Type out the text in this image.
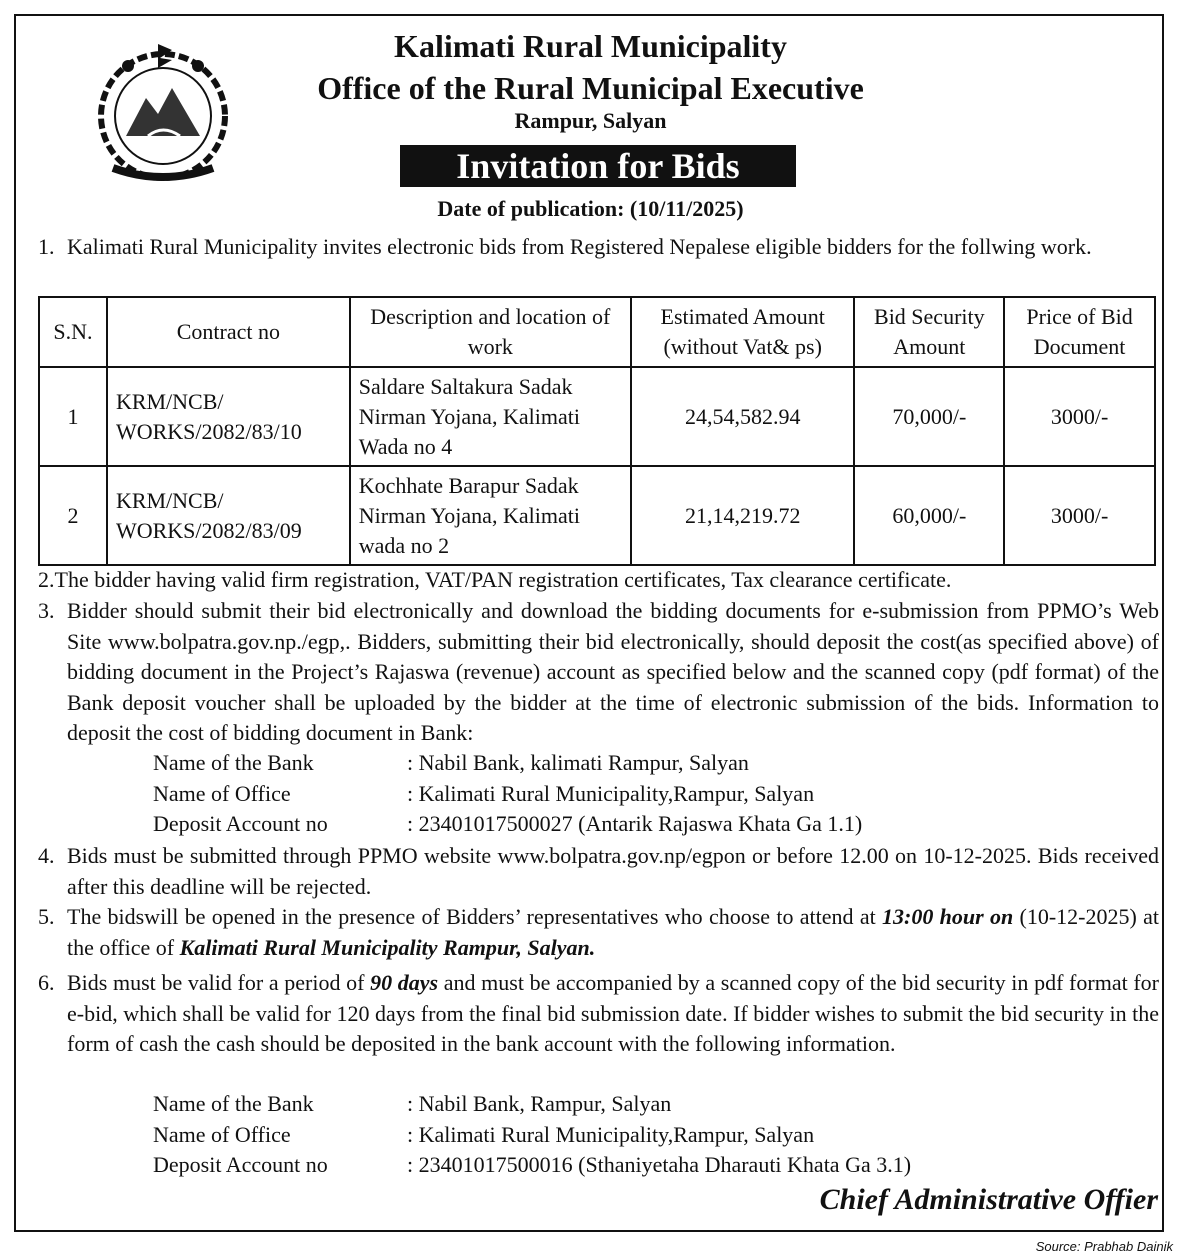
Kalimati Rural Municipality
Office of the Rural Municipal Executive
Rampur, Salyan
Invitation for Bids
Date of publication: (10/11/2025)
1. Kalimati Rural Municipality invites electronic bids from Registered Nepalese eligible bidders for the follwing work.
S.N.	Contract no	Description and location of work	Estimated Amount (without Vat& ps)	Bid Security Amount	Price of Bid Document
1	KRM/NCB/ WORKS/2082/83/10	Saldare Saltakura Sadak Nirman Yojana, Kalimati Wada no 4	24,54,582.94	70,000/-	3000/-
2	KRM/NCB/ WORKS/2082/83/09	Kochhate Barapur Sadak Nirman Yojana, Kalimati wada no 2	21,14,219.72	60,000/-	3000/-
2.The bidder having valid firm registration, VAT/PAN registration certificates, Tax clearance certificate.
3. Bidder should submit their bid electronically and download the bidding documents for e-submission from PPMO’s Web Site www.bolpatra.gov.np./egp,. Bidders, submitting their bid electronically, should deposit the cost(as specified above) of bidding document in the Project’s Rajaswa (revenue) account as specified below and the scanned copy (pdf format) of the Bank deposit voucher shall be uploaded by the bidder at the time of electronic submission of the bids. Information to deposit the cost of bidding document in Bank:
Name of the Bank	: Nabil Bank, kalimati Rampur, Salyan
Name of Office	: Kalimati Rural Municipality,Rampur, Salyan
Deposit Account no	: 23401017500027 (Antarik Rajaswa Khata Ga 1.1)
4. Bids must be submitted through PPMO website www.bolpatra.gov.np/egpon or before 12.00 on 10-12-2025. Bids received after this deadline will be rejected.
5. The bidswill be opened in the presence of Bidders’ representatives who choose to attend at 13:00 hour on (10-12-2025) at the office of Kalimati Rural Municipality Rampur, Salyan.
6. Bids must be valid for a period of 90 days and must be accompanied by a scanned copy of the bid security in pdf format for e-bid, which shall be valid for 120 days from the final bid submission date. If bidder wishes to submit the bid security in the form of cash the cash should be deposited in the bank account with the following information.
Name of the Bank	: Nabil Bank, Rampur, Salyan
Name of Office	: Kalimati Rural Municipality,Rampur, Salyan
Deposit Account no	: 23401017500016 (Sthaniyetaha Dharauti Khata Ga 3.1)
Chief Administrative Offier
Source: Prabhab Dainik
